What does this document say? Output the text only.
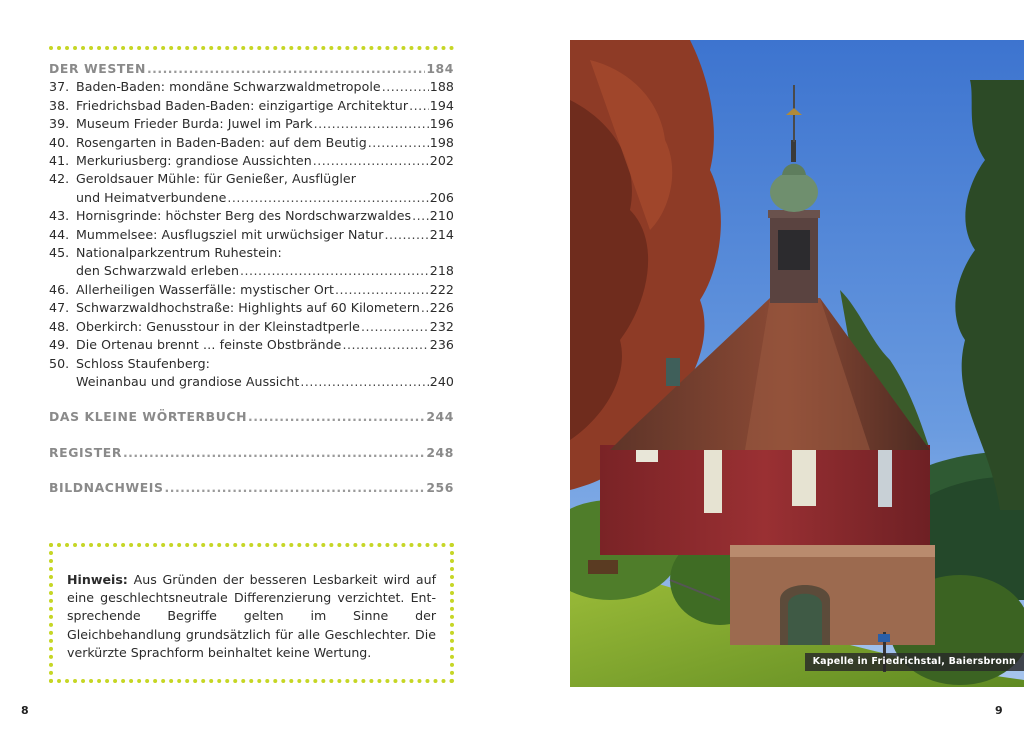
DER WESTEN .....	184
37. Baden-Baden: mondäne Schwarzwaldmetropole .....	188
38. Friedrichsbad Baden-Baden: einzigartige Architektur ..... 194
39. Museum Frieder Burda: Juwel im Park .....	196
40. Rosengarten in Baden-Baden: auf dem Beutig .....	198
41. Merkuriusberg: grandiose Aussichten .....	202
42. Geroldsauer Mühle: für Genießer, Ausflügler
und Heimatverbundene .....	206
43. Hornisgrinde: höchster Berg des Nordschwarzwaldes ..... 210
44. Mummelsee: Ausflugsziel mit urwüchsiger Natur .....	214
45. Nationalparkzentrum Ruhestein:
den Schwarzwald erleben .....	218
46. Allerheiligen Wasserfälle: mystischer Ort .....	222
47. Schwarzwaldhochstraße: Highlights auf 60 Kilometern ..... 226
48. Oberkirch: Genusstour in der Kleinstadtperle .....	232
49. Die Ortenau brennt … feinste Obstbrände .....	236
50. Schloss Staufenberg:
Weinanbau und grandiose Aussicht .....	240
DAS KLEINE WÖRTERBUCH .....	244
REGISTER .....	248
BILDNACHWEIS .....	256

Hinweis: Aus Gründen der besseren Lesbarkeit wird auf eine geschlechtsneutrale Differenzierung verzichtet. Entsprechende Begriffe gelten im Sinne der Gleichbehandlung grundsätzlich für alle Geschlechter. Die verkürzte Sprachform beinhaltet keine Wertung.

8	9
Kapelle in Friedrichstal, Baiersbronn
